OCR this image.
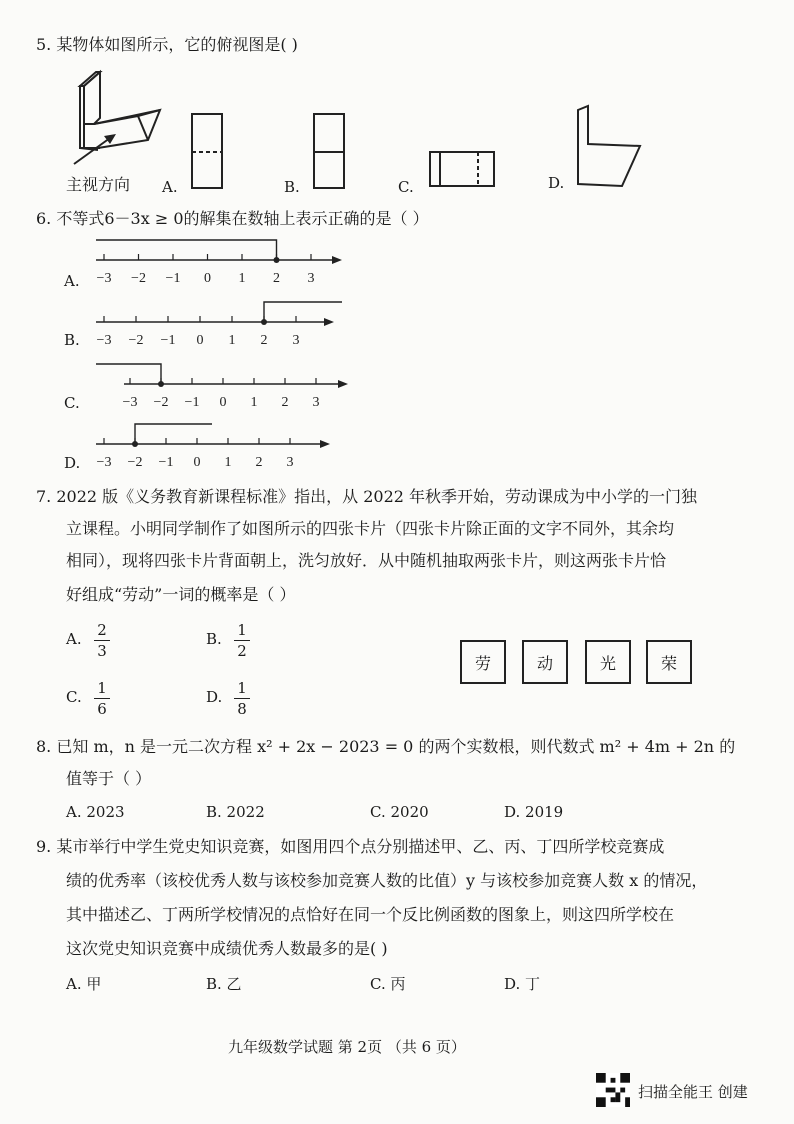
5. 某物体如图所示，它的俯视图是( )
主视方向 A.	B.	C.	D.
6. 不等式6－3x ≥ 0的解集在数轴上表示正确的是（ ）
A.
B.
C.
D.
−3 −2 −1 0 1 2 3
−3 −2 −1 0 1 2 3
−3 −2 −1 0 1 2 3
−3 −2 −1 0 1 2 3
7. 2022 版《义务教育新课程标准》指出，从 2022 年秋季开始，劳动课成为中小学的一门独
立课程。小明同学制作了如图所示的四张卡片（四张卡片除正面的文字不同外，其余均
相同），现将四张卡片背面朝上，洗匀放好．从中随机抽取两张卡片，则这两张卡片恰
好组成“劳动”一词的概率是（ ）
A. 2
3
B. 1
2
C. 1
6
D. 1
8
劳	动	光	荣
8. 已知 m，n 是一元二次方程 x² + 2x − 2023 = 0 的两个实数根，则代数式 m² + 4m + 2n 的
值等于（ ）
A. 2023	B. 2022	C. 2020	D. 2019
9. 某市举行中学生党史知识竞赛，如图用四个点分别描述甲、乙、丙、丁四所学校竞赛成
绩的优秀率（该校优秀人数与该校参加竞赛人数的比值）y 与该校参加竞赛人数 x 的情况，
其中描述乙、丁两所学校情况的点恰好在同一个反比例函数的图象上，则这四所学校在
这次党史知识竞赛中成绩优秀人数最多的是( )
A. 甲	B. 乙	C. 丙	D. 丁
九年级数学试题 第 2页 （共 6 页）
扫描全能王 创建
